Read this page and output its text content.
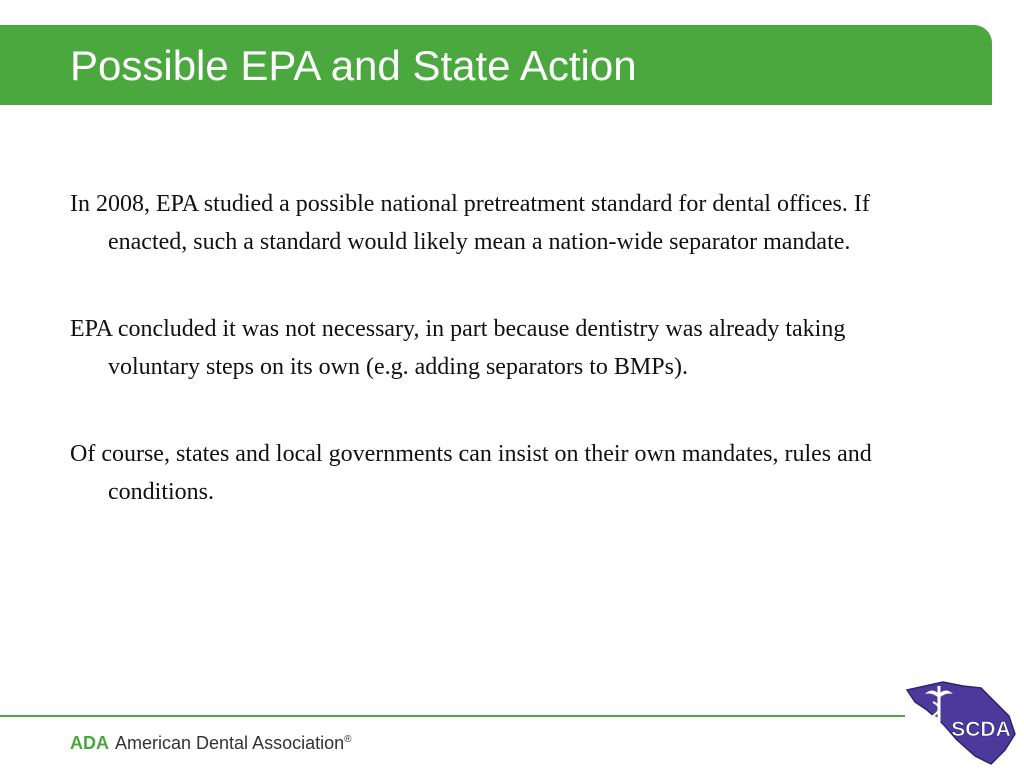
Possible EPA and State Action

In 2008, EPA studied a possible national pretreatment standard for dental offices. If enacted, such a standard would likely mean a nation-wide separator mandate.

EPA concluded it was not necessary, in part because dentistry was already taking voluntary steps on its own (e.g. adding separators to BMPs).

Of course, states and local governments can insist on their own mandates, rules and conditions.

ADA American Dental Association®	SCDA
